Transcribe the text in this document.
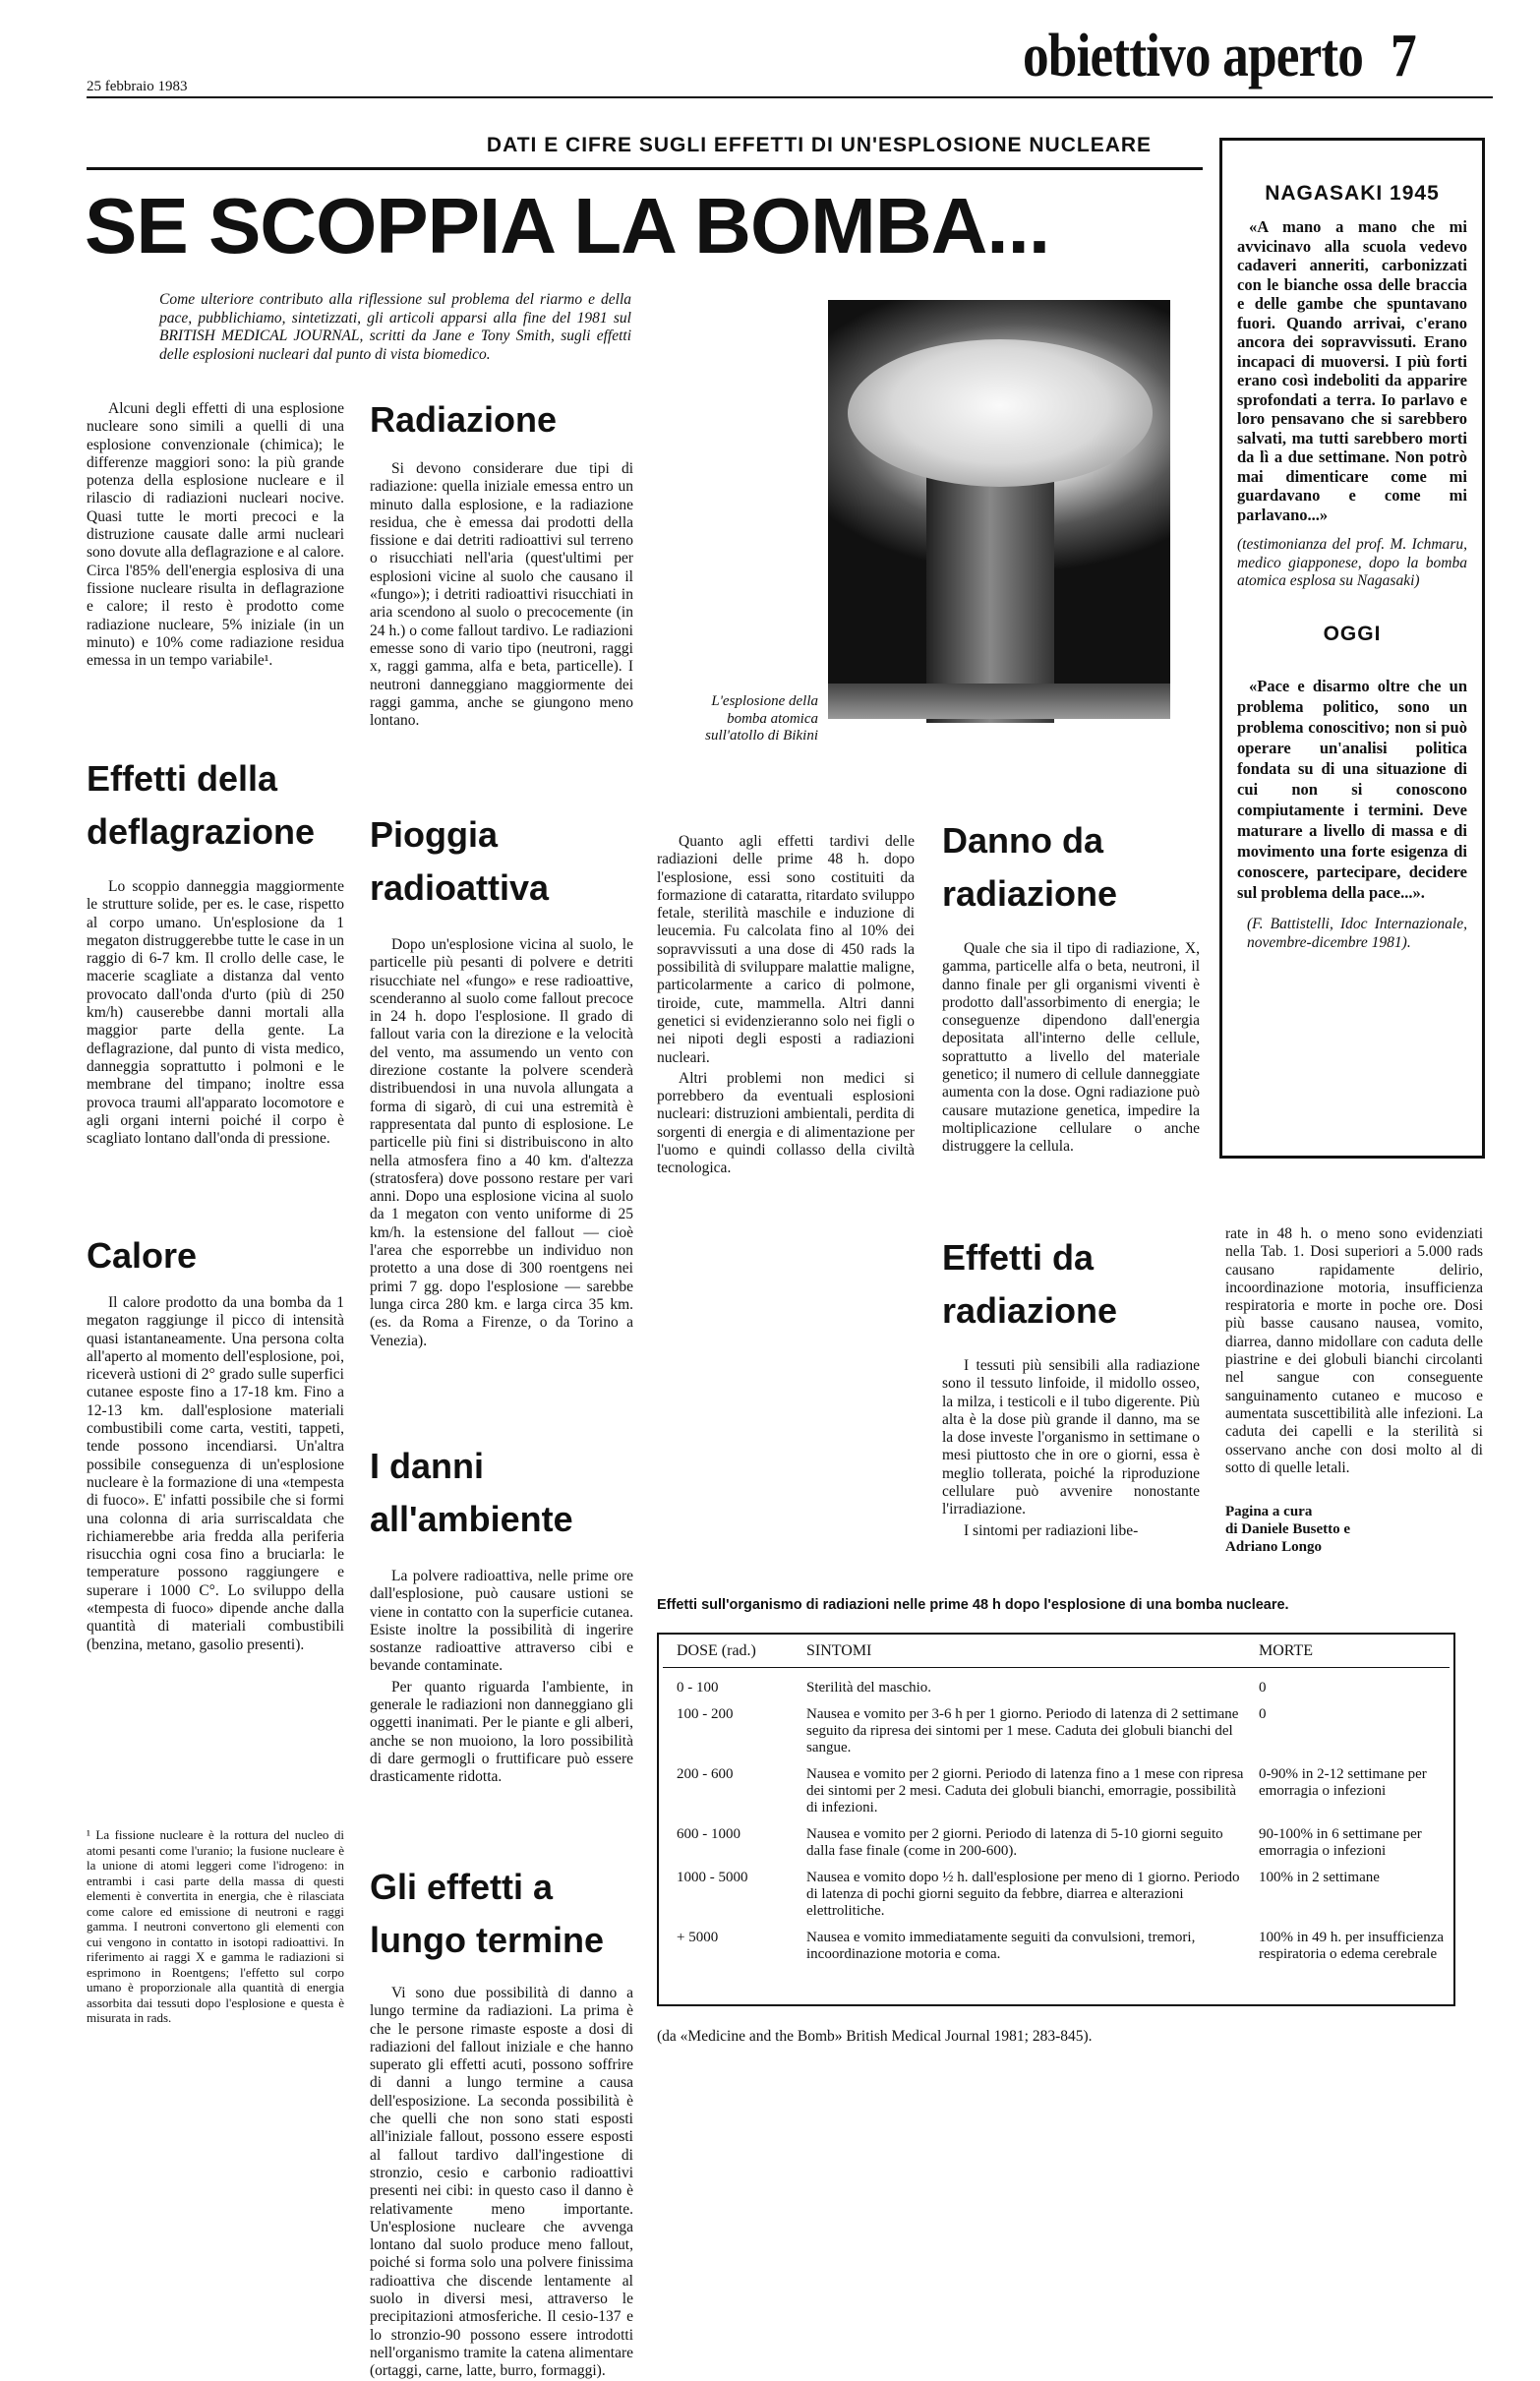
25 febbraio 1983	obiettivo aperto 7
DATI E CIFRE SUGLI EFFETTI DI UN'ESPLOSIONE NUCLEARE
SE SCOPPIA LA BOMBA...
Come ulteriore contributo alla riflessione sul problema del riarmo e della pace, pubblichiamo, sintetizzati, gli articoli apparsi alla fine del 1981 sul BRITISH MEDICAL JOURNAL, scritti da Jane e Tony Smith, sugli effetti delle esplosioni nucleari dal punto di vista biomedico.
L'esplosione della bomba atomica sull'atollo di Bikini

Alcuni degli effetti di una esplosione nucleare sono simili a quelli di una esplosione convenzionale (chimica); le differenze maggiori sono: la più grande potenza della esplosione nucleare e il rilascio di radiazioni nucleari nocive. Quasi tutte le morti precoci e la distruzione causate dalle armi nucleari sono dovute alla deflagrazione e al calore. Circa l'85% dell'energia esplosiva di una fissione nucleare risulta in deflagrazione e calore; il resto è prodotto come radiazione nucleare, 5% iniziale (in un minuto) e 10% come radiazione residua emessa in un tempo variabile¹.

Effetti della deflagrazione

Lo scoppio danneggia maggiormente le strutture solide, per es. le case, rispetto al corpo umano. Un'esplosione da 1 megaton distruggerebbe tutte le case in un raggio di 6-7 km. Il crollo delle case, le macerie scagliate a distanza dal vento provocato dall'onda d'urto (più di 250 km/h) causerebbe danni mortali alla maggior parte della gente. La deflagrazione, dal punto di vista medico, danneggia soprattutto i polmoni e le membrane del timpano; inoltre essa provoca traumi all'apparato locomotore e agli organi interni poiché il corpo è scagliato lontano dall'onda di pressione.

Calore

Il calore prodotto da una bomba da 1 megaton raggiunge il picco di intensità quasi istantaneamente. Una persona colta all'aperto al momento dell'esplosione, poi, riceverà ustioni di 2° grado sulle superfici cutanee esposte fino a 17-18 km. Fino a 12-13 km. dall'esplosione materiali combustibili come carta, vestiti, tappeti, tende possono incendiarsi. Un'altra possibile conseguenza di un'esplosione nucleare è la formazione di una «tempesta di fuoco». E' infatti possibile che si formi una colonna di aria surriscaldata che richiamerebbe aria fredda alla periferia risucchia ogni cosa fino a bruciarla: le temperature possono raggiungere e superare i 1000 C°. Lo sviluppo della «tempesta di fuoco» dipende anche dalla quantità di materiali combustibili (benzina, metano, gasolio presenti).

¹ La fissione nucleare è la rottura del nucleo di atomi pesanti come l'uranio; la fusione nucleare è la unione di atomi leggeri come l'idrogeno: in entrambi i casi parte della massa di questi elementi è convertita in energia, che è rilasciata come calore ed emissione di neutroni e raggi gamma. I neutroni convertono gli elementi con cui vengono in contatto in isotopi radioattivi. In riferimento ai raggi X e gamma le radiazioni si esprimono in Roentgens; l'effetto sul corpo umano è proporzionale alla quantità di energia assorbita dai tessuti dopo l'esplosione e questa è misurata in rads.
Radiazione

Si devono considerare due tipi di radiazione: quella iniziale emessa entro un minuto dalla esplosione, e la radiazione residua, che è emessa dai prodotti della fissione e dai detriti radioattivi sul terreno o risucchiati nell'aria (quest'ultimi per esplosioni vicine al suolo che causano il «fungo»); i detriti radioattivi risucchiati in aria scendono al suolo o precocemente (in 24 h.) o come fallout tardivo. Le radiazioni emesse sono di vario tipo (neutroni, raggi x, raggi gamma, alfa e beta, particelle). I neutroni danneggiano maggiormente dei raggi gamma, anche se giungono meno lontano.

Pioggia radioattiva

Dopo un'esplosione vicina al suolo, le particelle più pesanti di polvere e detriti risucchiate nel «fungo» e rese radioattive, scenderanno al suolo come fallout precoce in 24 h. dopo l'esplosione. Il grado di fallout varia con la direzione e la velocità del vento, ma assumendo un vento con direzione costante la polvere scenderà distribuendosi in una nuvola allungata a forma di sigarò, di cui una estremità è rappresentata dal punto di esplosione. Le particelle più fini si distribuiscono in alto nella atmosfera fino a 40 km. d'altezza (stratosfera) dove possono restare per vari anni. Dopo una esplosione vicina al suolo da 1 megaton con vento uniforme di 25 km/h. la estensione del fallout — cioè l'area che esporrebbe un individuo non protetto a una dose di 300 roentgens nei primi 7 gg. dopo l'esplosione — sarebbe lunga circa 280 km. e larga circa 35 km. (es. da Roma a Firenze, o da Torino a Venezia).

I danni all'ambiente

La polvere radioattiva, nelle prime ore dall'esplosione, può causare ustioni se viene in contatto con la superficie cutanea. Esiste inoltre la possibilità di ingerire sostanze radioattive attraverso cibi e bevande contaminate.

Per quanto riguarda l'ambiente, in generale le radiazioni non danneggiano gli oggetti inanimati. Per le piante e gli alberi, anche se non muoiono, la loro possibilità di dare germogli o fruttificare può essere drasticamente ridotta.

Gli effetti a lungo termine

Vi sono due possibilità di danno a lungo termine da radiazioni. La prima è che le persone rimaste esposte a dosi di radiazioni del fallout iniziale e che hanno superato gli effetti acuti, possono soffrire di danni a lungo termine a causa dell'esposizione. La seconda possibilità è che quelli che non sono stati esposti all'iniziale fallout, possono essere esposti al fallout tardivo dall'ingestione di stronzio, cesio e carbonio radioattivi presenti nei cibi: in questo caso il danno è relativamente meno importante. Un'esplosione nucleare che avvenga lontano dal suolo produce meno fallout, poiché si forma solo una polvere finissima radioattiva che discende lentamente al suolo in diversi mesi, attraverso le precipitazioni atmosferiche. Il cesio-137 e lo stronzio-90 possono essere introdotti nell'organismo tramite la catena alimentare (ortaggi, carne, latte, burro, formaggi).

Quanto agli effetti tardivi delle radiazioni delle prime 48 h. dopo l'esplosione, essi sono costituiti da formazione di cataratta, ritardato sviluppo fetale, sterilità maschile e induzione di leucemia. Fu calcolata fino al 10% dei sopravvissuti a una dose di 450 rads la possibilità di sviluppare malattie maligne, particolarmente a carico di polmone, tiroide, cute, mammella. Altri danni genetici si evidenzieranno solo nei figli o nei nipoti degli esposti a radiazioni nucleari.

Altri problemi non medici si porrebbero da eventuali esplosioni nucleari: distruzioni ambientali, perdita di sorgenti di energia e di alimentazione per l'uomo e quindi collasso della civiltà tecnologica.

Danno da radiazione

Quale che sia il tipo di radiazione, X, gamma, particelle alfa o beta, neutroni, il danno finale per gli organismi viventi è prodotto dall'assorbimento di energia; le conseguenze dipendono dall'energia depositata all'interno delle cellule, soprattutto a livello del materiale genetico; il numero di cellule danneggiate aumenta con la dose. Ogni radiazione può causare mutazione genetica, impedire la moltiplicazione cellulare o anche distruggere la cellula.

Effetti da radiazione

I tessuti più sensibili alla radiazione sono il tessuto linfoide, il midollo osseo, la milza, i testicoli e il tubo digerente. Più alta è la dose più grande il danno, ma se la dose investe l'organismo in settimane o mesi piuttosto che in ore o giorni, essa è meglio tollerata, poiché la riproduzione cellulare può avvenire nonostante l'irradiazione.

I sintomi per radiazioni libe-

NAGASAKI 1945
«A mano a mano che mi avvicinavo alla scuola vedevo cadaveri anneriti, carbonizzati con le bianche ossa delle braccia e delle gambe che spuntavano fuori. Quando arrivai, c'erano ancora dei sopravvissuti. Erano incapaci di muoversi. I più forti erano così indeboliti da apparire sprofondati a terra. Io parlavo e loro pensavano che si sarebbero salvati, ma tutti sarebbero morti da lì a due settimane. Non potrò mai dimenticare come mi guardavano e come mi parlavano...»
(testimonianza del prof. M. Ichmaru, medico giapponese, dopo la bomba atomica esplosa su Nagasaki)
OGGI
«Pace e disarmo oltre che un problema politico, sono un problema conoscitivo; non si può operare un'analisi politica fondata su di una situazione di cui non si conoscono compiutamente i termini. Deve maturare a livello di massa e di movimento una forte esigenza di conoscere, partecipare, decidere sul problema della pace...».
(F. Battistelli, Idoc Internazionale, novembre-dicembre 1981).

rate in 48 h. o meno sono evidenziati nella Tab. 1. Dosi superiori a 5.000 rads causano rapidamente delirio, incoordinazione motoria, insufficienza respiratoria e morte in poche ore. Dosi più basse causano nausea, vomito, diarrea, danno midollare con caduta delle piastrine e dei globuli bianchi circolanti nel sangue con conseguente sanguinamento cutaneo e mucoso e aumentata suscettibilità alle infezioni. La caduta dei capelli e la sterilità si osservano anche con dosi molto al di sotto di quelle letali.

Pagina a cura
di Daniele Busetto e Adriano Longo
Effetti sull'organismo di radiazioni nelle prime 48 h dopo l'esplosione di una bomba nucleare.
DOSE (rad.)	SINTOMI	MORTE
0 - 100	Sterilità del maschio.	0
100 - 200	Nausea e vomito per 3-6 h per 1 giorno. Periodo di latenza di 2 settimane seguito da ripresa dei sintomi per 1 mese. Caduta dei globuli bianchi del sangue.	0
200 - 600	Nausea e vomito per 2 giorni. Periodo di latenza fino a 1 mese con ripresa dei sintomi per 2 mesi. Caduta dei globuli bianchi, emorragie, possibilità di infezioni.	0-90% in 2-12 settimane per emorragia o infezioni
600 - 1000	Nausea e vomito per 2 giorni. Periodo di latenza di 5-10 giorni seguito dalla fase finale (come in 200-600).	90-100% in 6 settimane per emorragia o infezioni
1000 - 5000	Nausea e vomito dopo ½ h. dall'esplosione per meno di 1 giorno. Periodo di latenza di pochi giorni seguito da febbre, diarrea e alterazioni elettrolitiche.	100% in 2 settimane
+ 5000	Nausea e vomito immediatamente seguiti da convulsioni, tremori, incoordinazione motoria e coma.	100% in 49 h. per insufficienza respiratoria o edema cerebrale
(da «Medicine and the Bomb» British Medical Journal 1981; 283-845).
